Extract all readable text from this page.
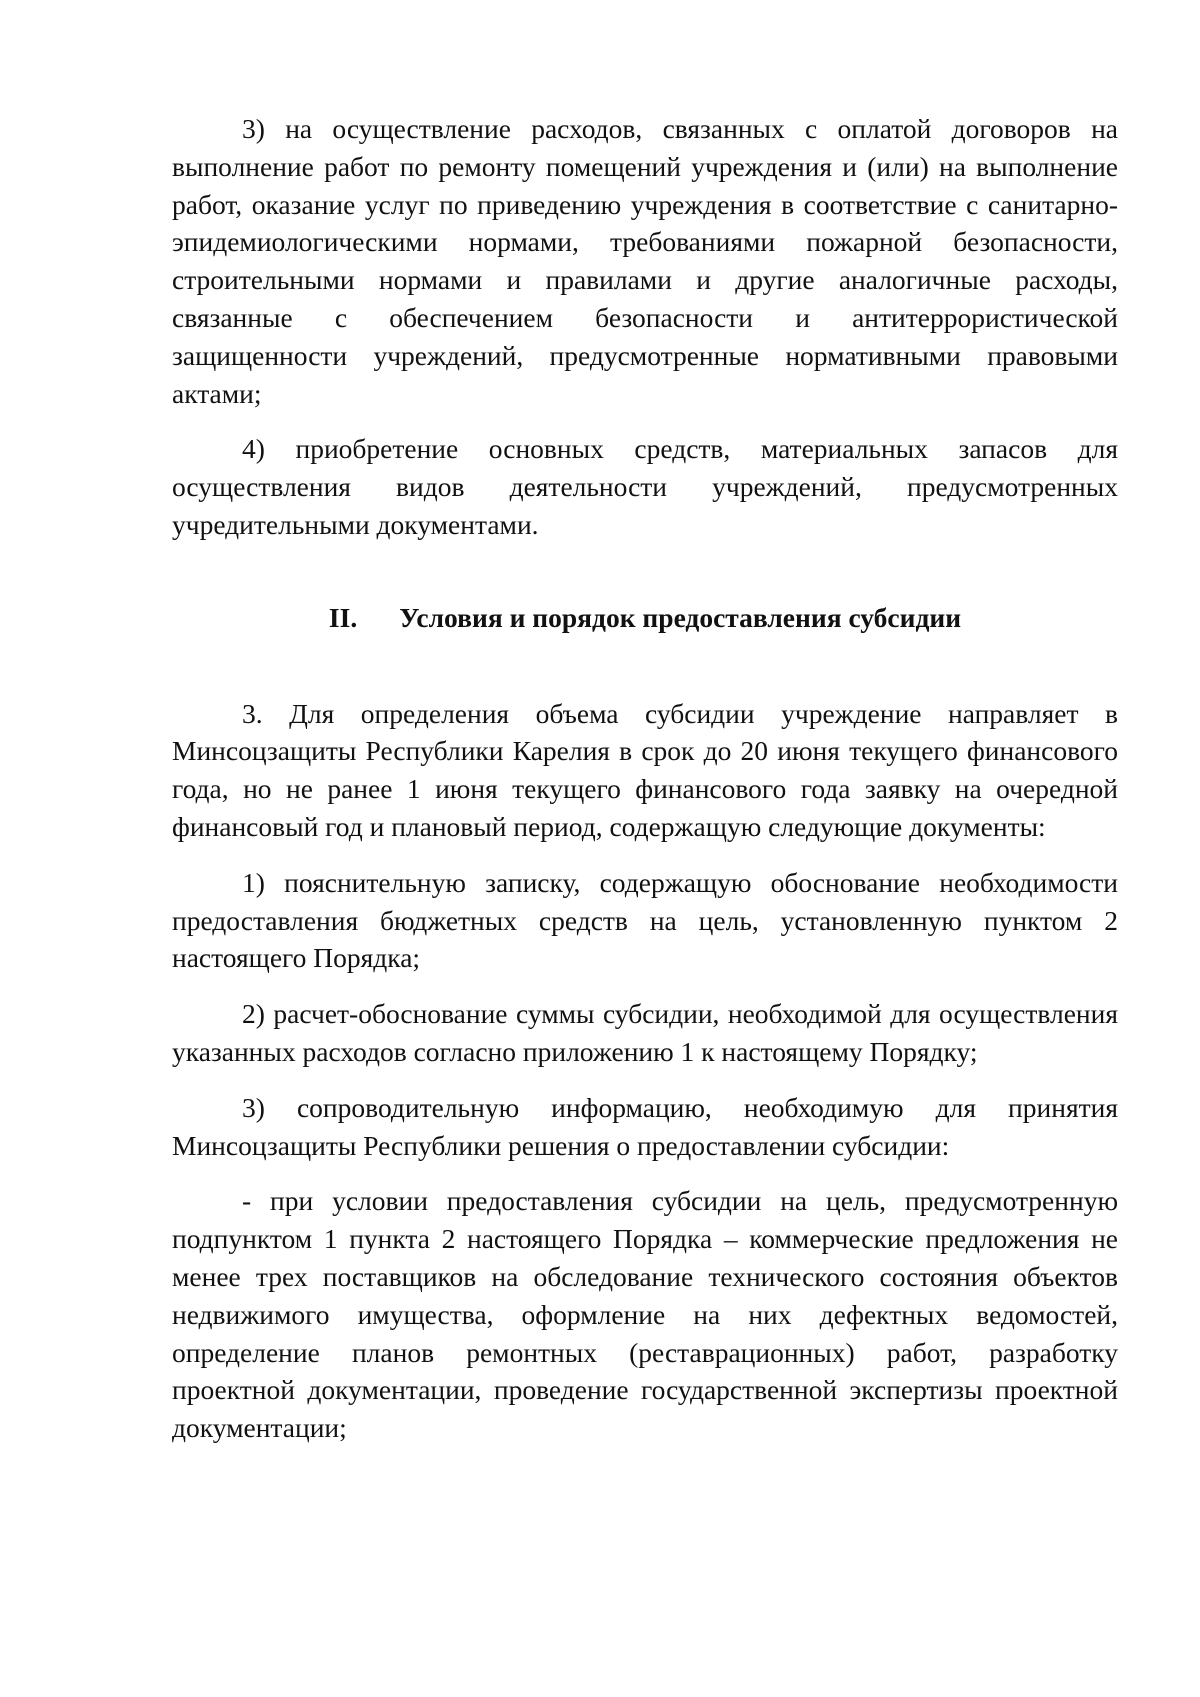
3) на осуществление расходов, связанных с оплатой договоров на выполнение работ по ремонту помещений учреждения и (или) на выполнение работ, оказание услуг по приведению учреждения в соответствие с санитарно-эпидемиологическими нормами, требованиями пожарной безопасности, строительными нормами и правилами и другие аналогичные расходы, связанные с обеспечением безопасности и антитеррористической защищенности учреждений, предусмотренные нормативными правовыми актами;

4) приобретение основных средств, материальных запасов для осуществления видов деятельности учреждений, предусмотренных учредительными документами.

II. Условия и порядок предоставления субсидии

3. Для определения объема субсидии учреждение направляет в Минсоцзащиты Республики Карелия в срок до 20 июня текущего финансового года, но не ранее 1 июня текущего финансового года заявку на очередной финансовый год и плановый период, содержащую следующие документы:

1) пояснительную записку, содержащую обоснование необходимости предоставления бюджетных средств на цель, установленную пунктом 2 настоящего Порядка;

2) расчет-обоснование суммы субсидии, необходимой для осуществления указанных расходов согласно приложению 1 к настоящему Порядку;

3) сопроводительную информацию, необходимую для принятия Минсоцзащиты Республики решения о предоставлении субсидии:

- при условии предоставления субсидии на цель, предусмотренную подпунктом 1 пункта 2 настоящего Порядка – коммерческие предложения не менее трех поставщиков на обследование технического состояния объектов недвижимого имущества, оформление на них дефектных ведомостей, определение планов ремонтных (реставрационных) работ, разработку проектной документации, проведение государственной экспертизы проектной документации;
